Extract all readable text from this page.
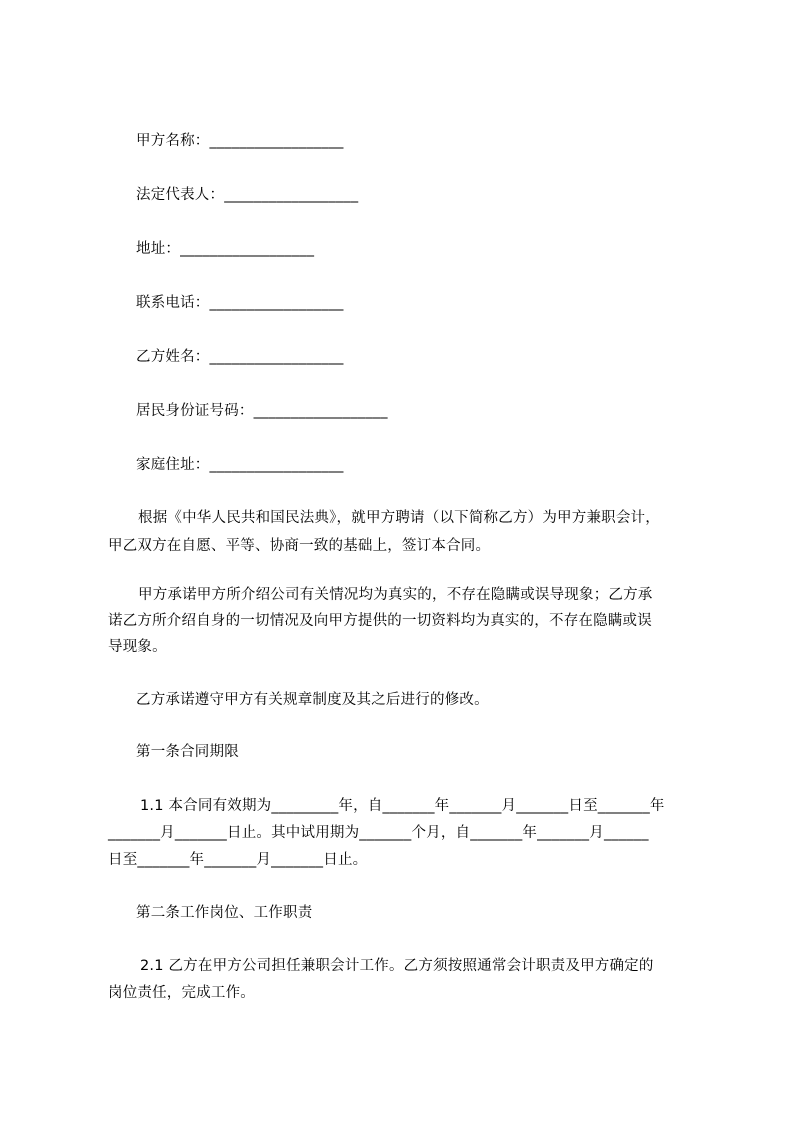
甲方名称：__________________
法定代表人：__________________
地址：__________________
联系电话：__________________
乙方姓名：__________________
居民身份证号码：__________________
家庭住址：__________________
根据《中华人民共和国民法典》，就甲方聘请（以下简称乙方）为甲方兼职会计，
甲乙双方在自愿、平等、协商一致的基础上，签订本合同。
甲方承诺甲方所介绍公司有关情况均为真实的，不存在隐瞒或误导现象；乙方承
诺乙方所介绍自身的一切情况及向甲方提供的一切资料均为真实的，不存在隐瞒或误
导现象。
乙方承诺遵守甲方有关规章制度及其之后进行的修改。
第一条合同期限
1.1 本合同有效期为_________年，自_______年_______月_______日至_______年
_______月_______日止。其中试用期为_______个月，自_______年_______月______
日至_______年_______月_______日止。
第二条工作岗位、工作职责
2.1 乙方在甲方公司担任兼职会计工作。乙方须按照通常会计职责及甲方确定的
岗位责任，完成工作。
